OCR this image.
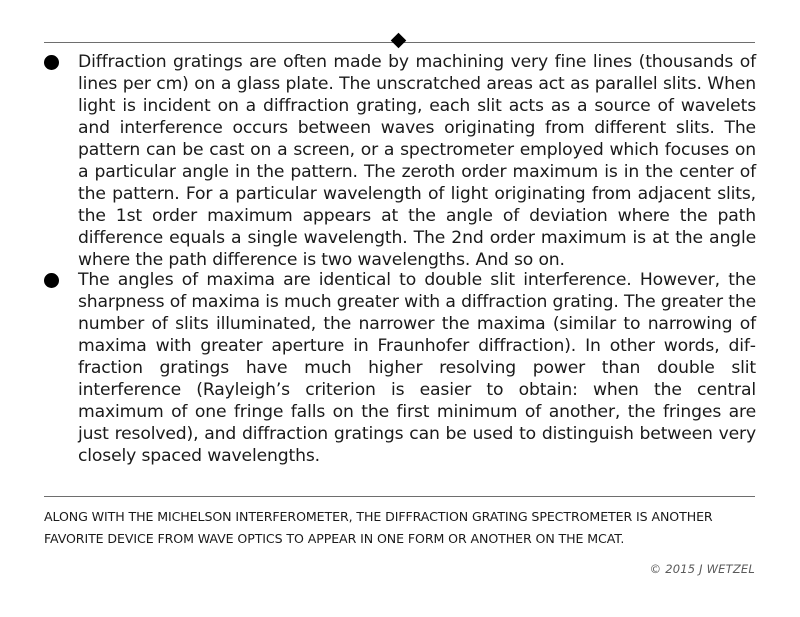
Diffraction gratings are often made by machining very fine lines (thousands of lines per cm) on a glass plate. The unscratched areas act as parallel slits. When light is incident on a diffraction grating, each slit acts as a source of wavelets and interference occurs between waves originating from different slits. The pattern can be cast on a screen, or a spectrometer employed which focuses on a particular angle in the pattern. The zeroth order maximum is in the center of the pattern. For a particular wavelength of light originating from adjacent slits, the 1st order maximum appears at the angle of deviation where the path difference equals a single wavelength. The 2nd order maximum is at the angle where the path difference is two wavelengths. And so on.

The angles of maxima are identical to double slit interference. However, the sharpness of maxima is much greater with a diffraction grating. The greater the number of slits illuminated, the narrower the maxima (similar to narrowing of maxima with greater aperture in Fraunhofer diffraction). In other words, diffraction gratings have much higher resolving power than double slit interference (Rayleigh’s criterion is easier to obtain: when the central maximum of one fringe falls on the first minimum of another, the fringes are just resolved), and diffraction gratings can be used to distinguish between very closely spaced wavelengths.

ALONG WITH THE MICHELSON INTERFEROMETER, THE DIFFRACTION GRATING SPECTROMETER IS ANOTHER FAVORITE DEVICE FROM WAVE OPTICS TO APPEAR IN ONE FORM OR ANOTHER ON THE MCAT.

© 2015 J WETZEL
